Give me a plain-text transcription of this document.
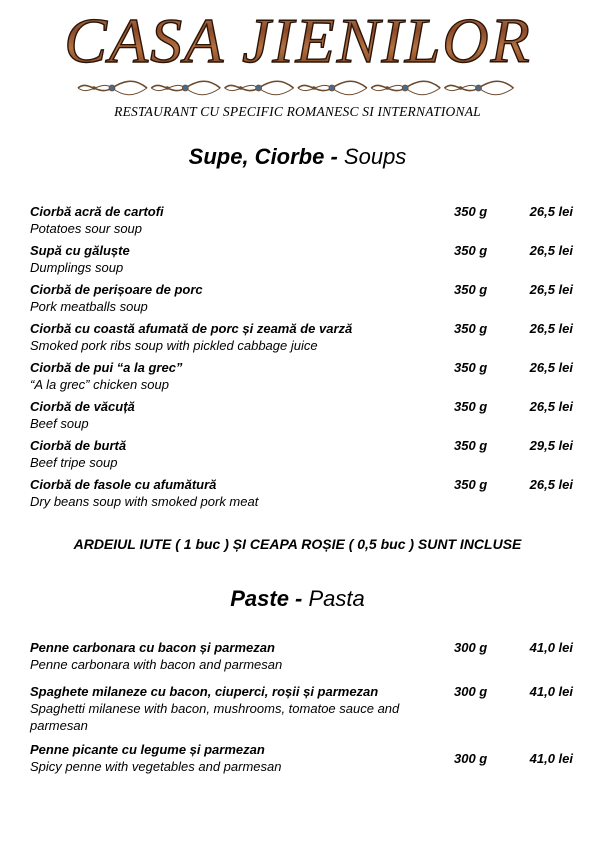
CASA JIENILOR
RESTAURANT CU SPECIFIC ROMANESC SI INTERNATIONAL
Supe, Ciorbe - Soups
Ciorbă acră de cartofi
Potatoes sour soup
350 g	26,5 lei
Supă cu găluște
Dumplings soup
350 g	26,5 lei
Ciorbă de perișoare de porc
Pork meatballs soup
350 g	26,5 lei
Ciorbă cu coastă afumată de porc și zeamă de varză
Smoked pork ribs soup with pickled cabbage juice
350 g	26,5 lei
Ciorbă de pui “a la grec”
“A la grec” chicken soup
350 g	26,5 lei
Ciorbă de văcuță
Beef soup
350 g	26,5 lei
Ciorbă de burtă
Beef tripe soup
350 g	29,5 lei
Ciorbă de fasole cu afumătură
Dry beans soup with smoked pork meat
350 g	26,5 lei
ARDEIUL IUTE ( 1 buc ) ȘI CEAPA ROȘIE ( 0,5 buc ) SUNT INCLUSE
Paste - Pasta
Penne carbonara cu bacon și parmezan
Penne carbonara with bacon and parmesan
300 g	41,0 lei
Spaghete milaneze cu bacon, ciuperci, roșii și parmezan
Spaghetti milanese with bacon, mushrooms, tomatoe sauce and parmesan
300 g	41,0 lei
Penne picante cu legume și parmezan
Spicy penne with vegetables and parmesan
300 g	41,0 lei
